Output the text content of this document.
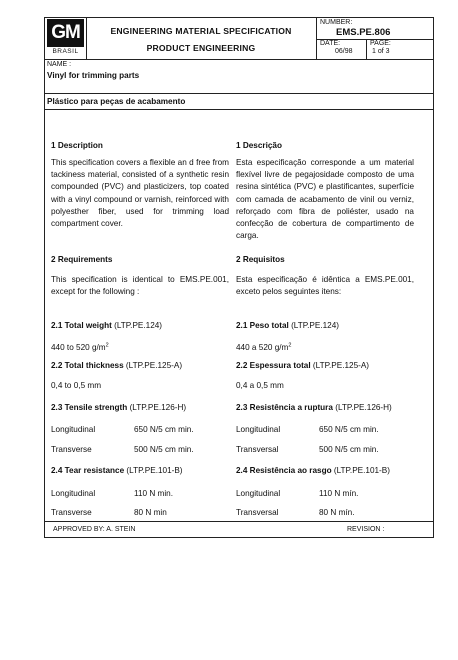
GM
BRASIL
ENGINEERING MATERIAL SPECIFICATION
PRODUCT ENGINEERING
NUMBER:
EMS.PE.806
DATE:
06/98
PAGE:
1 of 3
NAME :
Vinyl for trimming parts
Plástico para peças de acabamento
1 Description
This specification covers a flexible an d free from tackiness material, consisted of a synthetic resin compounded (PVC) and plasticizers, top coated with a vinyl compound or varnish, reinforced with polyesther fiber, used for trimming load compartment cover.
2 Requirements
This specification is identical to EMS.PE.001, except for the following :
2.1 Total weight (LTP.PE.124)
440 to 520 $g/m^2$
2.2 Total thickness (LTP.PE.125-A)
0,4 to 0,5 mm
2.3 Tensile strength (LTP.PE.126-H)
Longitudinal	650 N/5 cm min.
Transverse	500 N/5 cm min.
2.4 Tear resistance (LTP.PE.101-B)
Longitudinal	110 N min.
Transverse	80 N min
1 Descrição
Esta especificação corresponde a um material flexível livre de pegajosidade composto de uma resina sintética (PVC) e plastificantes, superfície com camada de acabamento de vinil ou verniz, reforçado com fibra de poliéster, usado na confecção de cobertura de compartimento de carga.
2 Requisitos
Esta especificação é idêntica a EMS.PE.001, exceto pelos seguintes itens:
2.1 Peso total (LTP.PE.124)
440 a 520 $g/m^2$
2.2 Espessura total (LTP.PE.125-A)
0,4 a 0,5 mm
2.3 Resistência a ruptura (LTP.PE.126-H)
Longitudinal	650 N/5 cm min.
Transversal	500 N/5 cm min.
2.4 Resistência ao rasgo (LTP.PE.101-B)
Longitudinal	110 N mín.
Transversal	80 N mín.
APPROVED BY: A. STEIN	REVISION :
